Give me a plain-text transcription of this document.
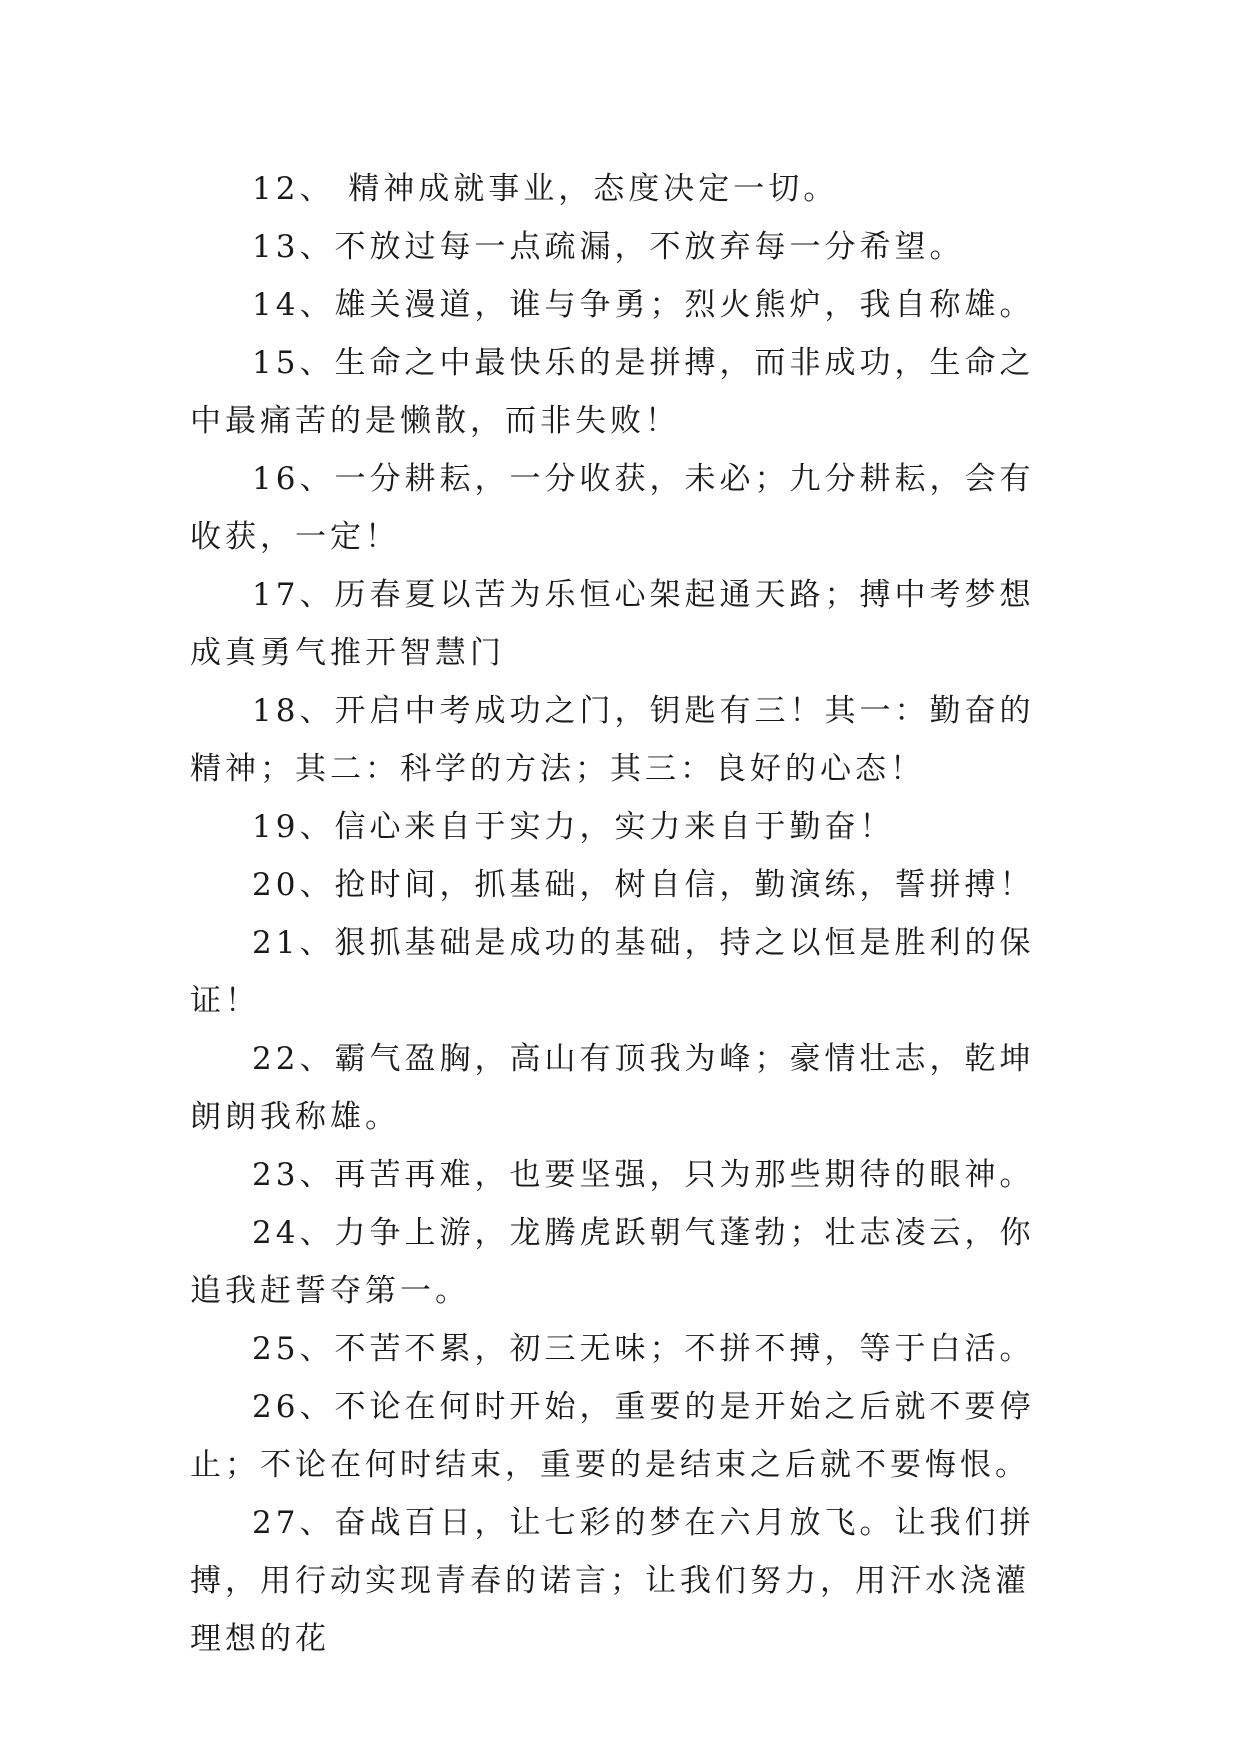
12、 精神成就事业，态度决定一切。

13、不放过每一点疏漏，不放弃每一分希望。

14、雄关漫道，谁与争勇；烈火熊炉，我自称雄。

15、生命之中最快乐的是拼搏，而非成功，生命之中最痛苦的是懒散，而非失败！

16、一分耕耘，一分收获，未必；九分耕耘，会有收获，一定！

17、历春夏以苦为乐恒心架起通天路；搏中考梦想成真勇气推开智慧门

18、开启中考成功之门，钥匙有三！其一：勤奋的精神；其二：科学的方法；其三：良好的心态！

19、信心来自于实力，实力来自于勤奋！

20、抢时间，抓基础，树自信，勤演练，誓拼搏！

21、狠抓基础是成功的基础，持之以恒是胜利的保证！

22、霸气盈胸，高山有顶我为峰；豪情壮志，乾坤朗朗我称雄。

23、再苦再难，也要坚强，只为那些期待的眼神。

24、力争上游，龙腾虎跃朝气蓬勃；壮志凌云，你追我赶誓夺第一。

25、不苦不累，初三无味；不拼不搏，等于白活。

26、不论在何时开始，重要的是开始之后就不要停止；不论在何时结束，重要的是结束之后就不要悔恨。

27、奋战百日，让七彩的梦在六月放飞。让我们拼搏，用行动实现青春的诺言；让我们努力，用汗水浇灌理想的花
